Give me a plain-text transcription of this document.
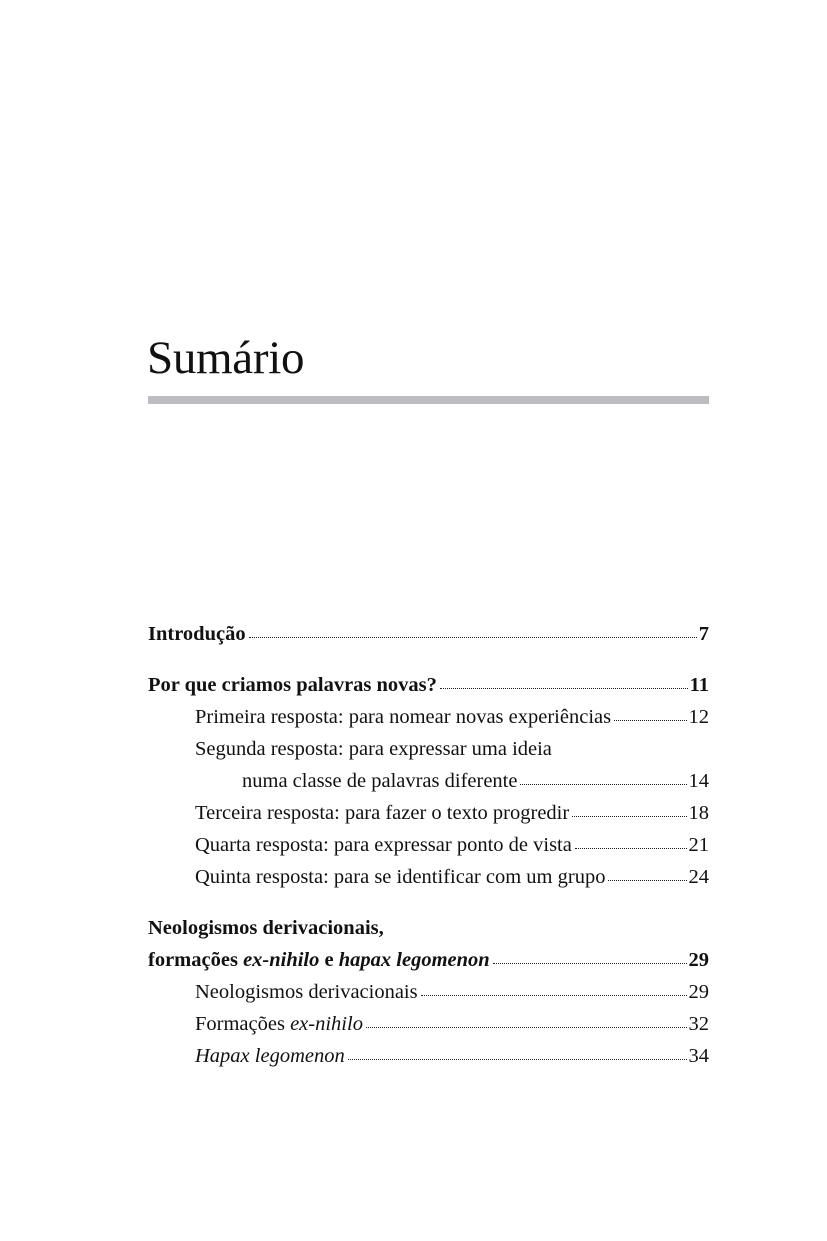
Sumário
Introdução	7
Por que criamos palavras novas?	11
Primeira resposta: para nomear novas experiências	12
Segunda resposta: para expressar uma ideia
numa classe de palavras diferente	14
Terceira resposta: para fazer o texto progredir	18
Quarta resposta: para expressar ponto de vista	21
Quinta resposta: para se identificar com um grupo	24
Neologismos derivacionais,
formações ex-nihilo e hapax legomenon	29
Neologismos derivacionais	29
Formações ex-nihilo	32
Hapax legomenon	34
